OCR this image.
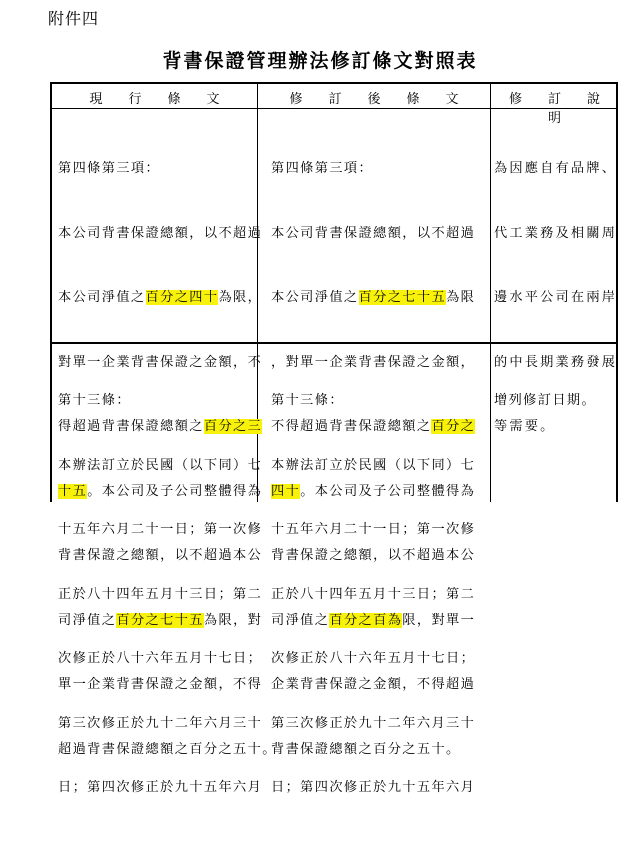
附件四
背書保證管理辦法修訂條文對照表
現　　行　　條　　文	修　　訂　　後　　條　　文	修　　訂　　說　　明

第四條第三項：

本公司背書保證總額，以不超過

本公司淨值之百分之四十為限，

對單一企業背書保證之金額，不

得超過背書保證總額之百分之三

十五。本公司及子公司整體得為

背書保證之總額，以不超過本公

司淨值之百分之七十五為限，對

單一企業背書保證之金額，不得

超過背書保證總額之百分之五十。

第四條第三項：

本公司背書保證總額，以不超過

本公司淨值之百分之七十五為限

，對單一企業背書保證之金額，

不得超過背書保證總額之百分之

四十。本公司及子公司整體得為

背書保證之總額，以不超過本公

司淨值之百分之百為限，對單一

企業背書保證之金額，不得超過

背書保證總額之百分之五十。

為因應自有品牌、

代工業務及相關周

邊水平公司在兩岸

的中長期業務發展

等需要。

第十三條：

本辦法訂立於民國（以下同）七

十五年六月二十一日；第一次修

正於八十四年五月十三日；第二

次修正於八十六年五月十七日；

第三次修正於九十二年六月三十

日；第四次修正於九十五年六月

第十三條：

本辦法訂立於民國（以下同）七

十五年六月二十一日；第一次修

正於八十四年五月十三日；第二

次修正於八十六年五月十七日；

第三次修正於九十二年六月三十

日；第四次修正於九十五年六月

增列修訂日期。
